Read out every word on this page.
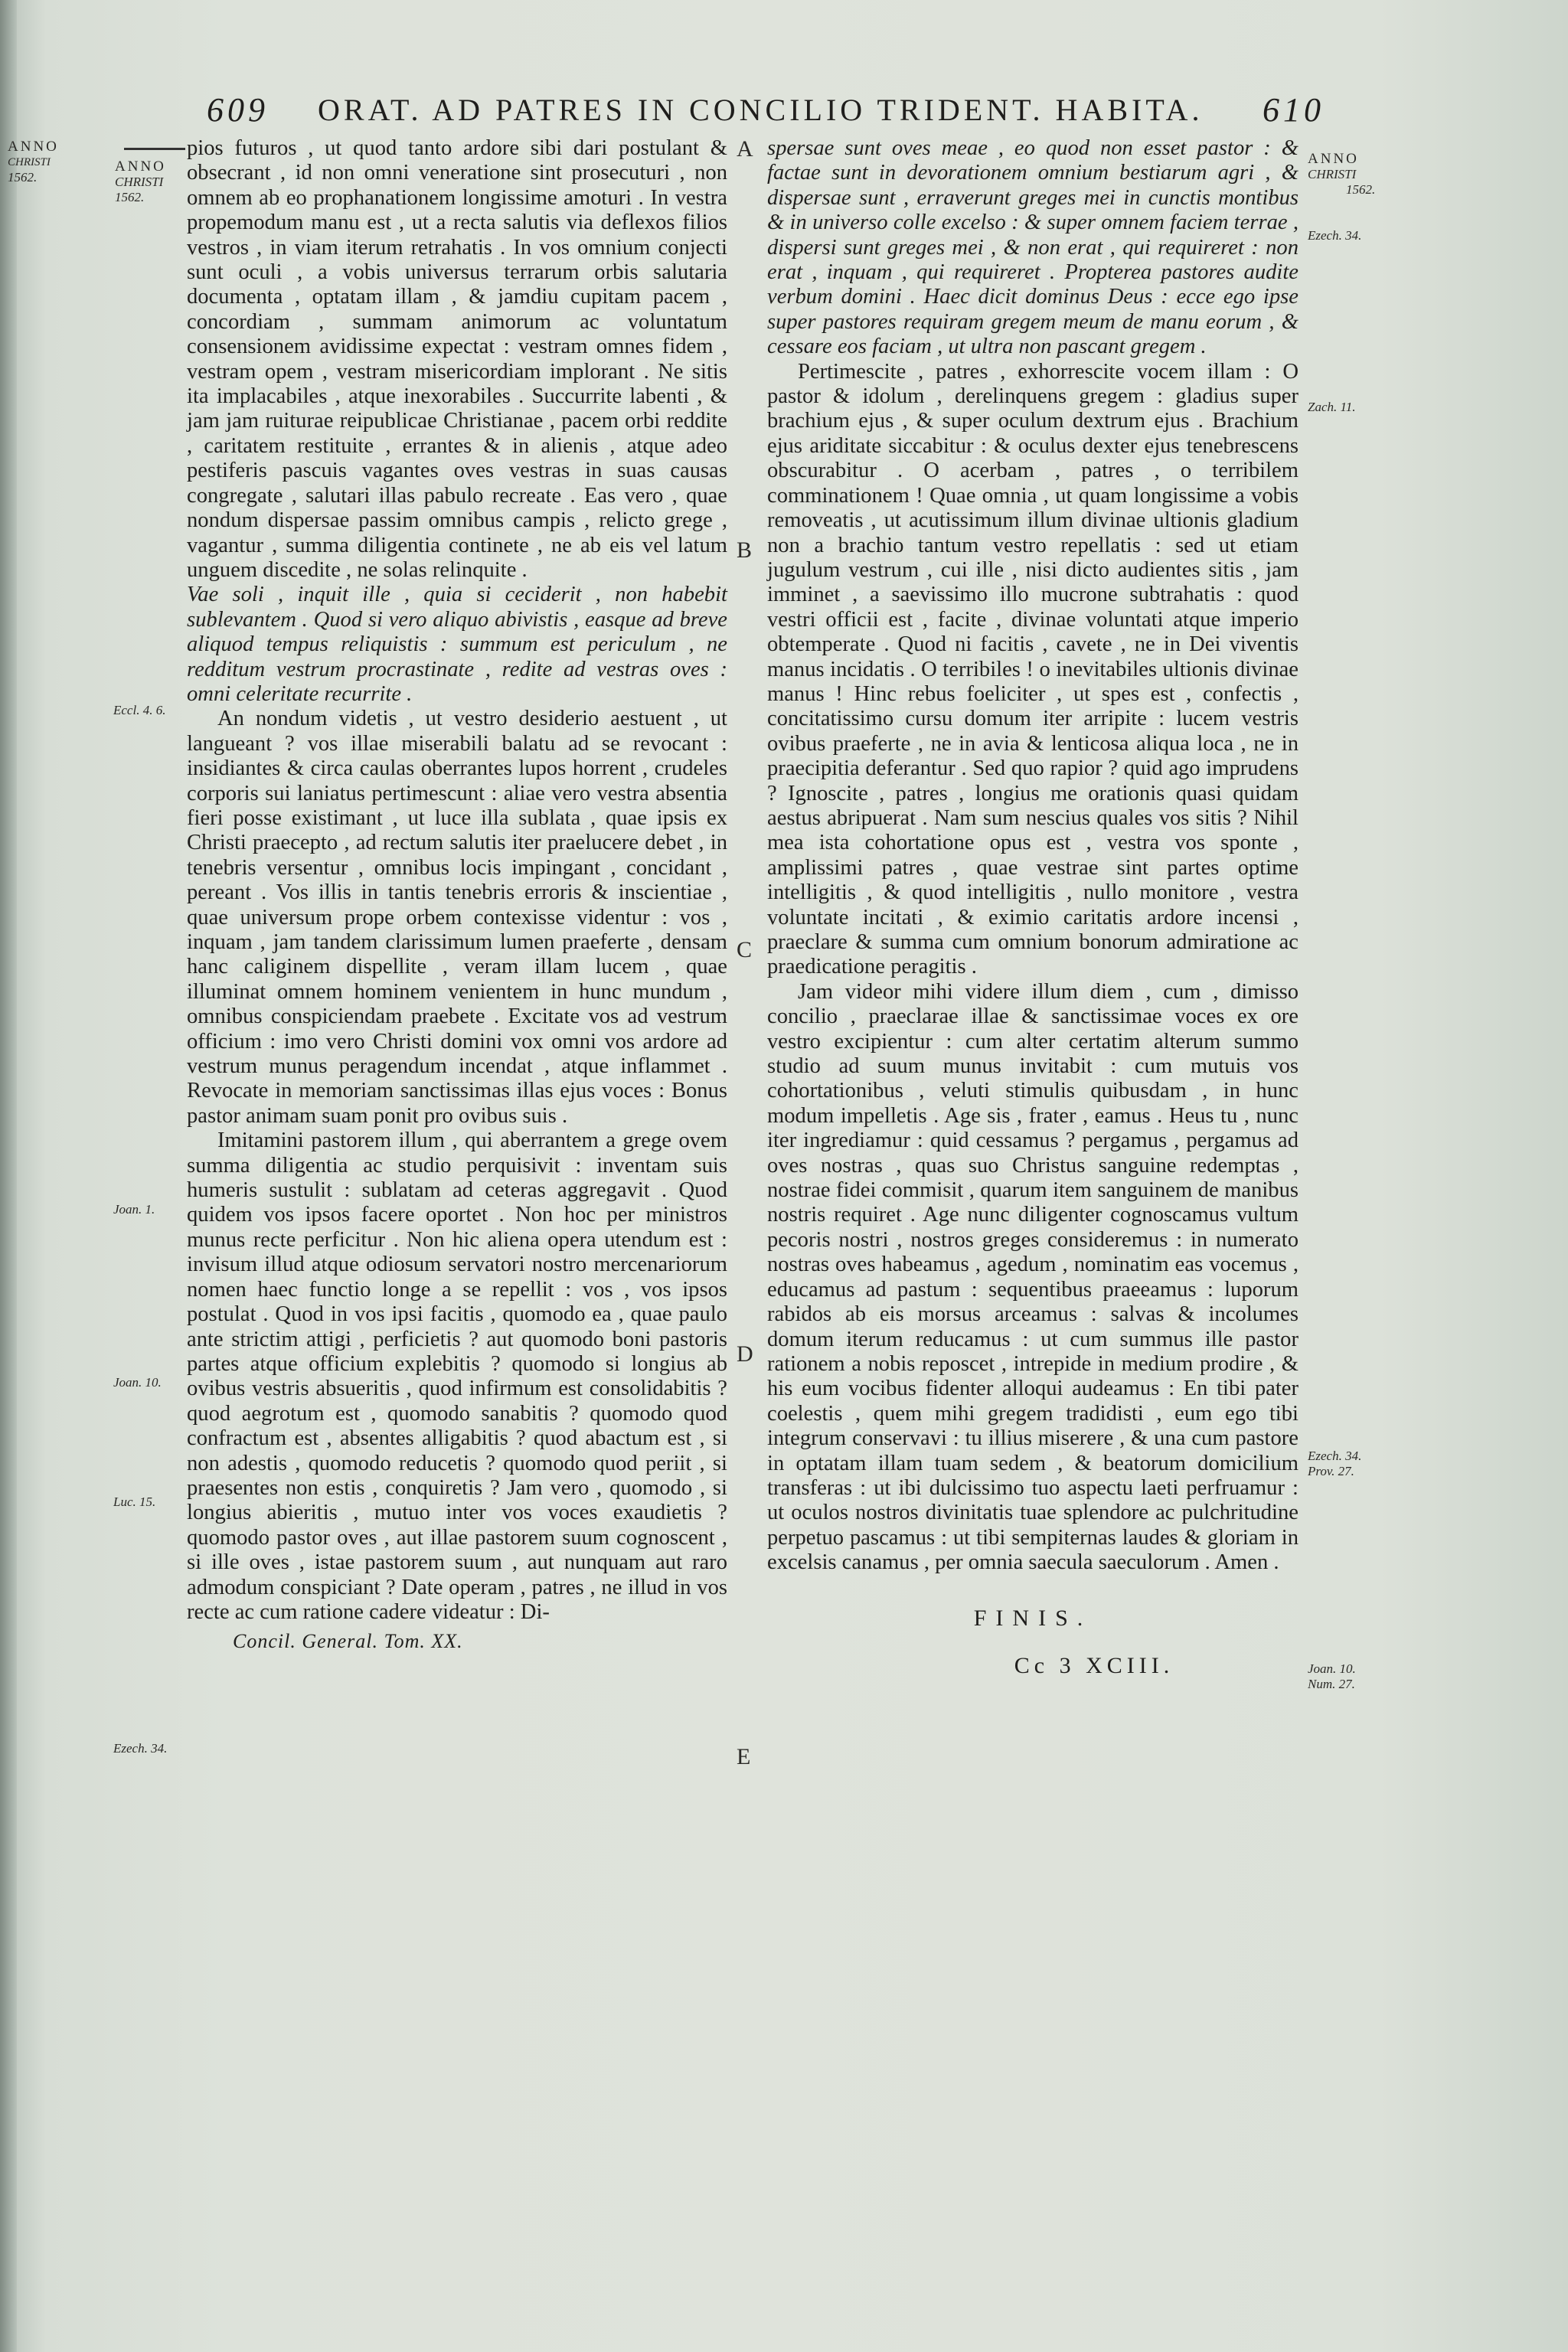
ANNO
CHRISTI
1562.
609 ORAT. AD PATRES IN CONCILIO TRIDENT. HABITA. 610
ANNO
CHRISTI
1562.
Eccl. 4. 6.
Joan. 1.
Joan. 10.
Luc. 15.
Ezech. 34.
A
B
C
D
E
ANNO
CHRISTI
1562.
Ezech. 34.
Zach. 11.
Ezech. 34. Prov. 27.
Joan. 10. Num. 27.

pios futuros , ut quod tanto ardore sibi dari postulant & obsecrant , id non omni veneratione sint prosecuturi , non omnem ab eo prophanationem longissime amoturi . In vestra propemodum manu est , ut a recta salutis via deflexos filios vestros , in viam iterum retrahatis . In vos omnium conjecti sunt oculi , a vobis universus terrarum orbis salutaria documenta , optatam illam , & jamdiu cupitam pacem , concordiam , summam animorum ac voluntatum consensionem avidissime expectat : vestram omnes fidem , vestram opem , vestram misericordiam implorant . Ne sitis ita implacabiles , atque inexorabiles . Succurrite labenti , & jam jam ruiturae reipublicae Christianae , pacem orbi reddite , caritatem restituite , errantes & in alienis , atque adeo pestiferis pascuis vagantes oves vestras in suas causas congregate , salutari illas pabulo recreate . Eas vero , quae nondum dispersae passim omnibus campis , relicto grege , vagantur , summa diligentia continete , ne ab eis vel latum unguem discedite , ne solas relinquite .

Vae soli , inquit ille , quia si ceciderit , non habebit sublevantem . Quod si vero aliquo abivistis , easque ad breve aliquod tempus reliquistis : summum est periculum , ne redditum vestrum procrastinate , redite ad vestras oves : omni celeritate recurrite .

An nondum videtis , ut vestro desiderio aestuent , ut langueant ? vos illae miserabili balatu ad se revocant : insidiantes & circa caulas oberrantes lupos horrent , crudeles corporis sui laniatus pertimescunt : aliae vero vestra absentia fieri posse existimant , ut luce illa sublata , quae ipsis ex Christi praecepto , ad rectum salutis iter praelucere debet , in tenebris versentur , omnibus locis impingant , concidant , pereant . Vos illis in tantis tenebris erroris & inscientiae , quae universum prope orbem contexisse videntur : vos , inquam , jam tandem clarissimum lumen praeferte , densam hanc caliginem dispellite , veram illam lucem , quae illuminat omnem hominem venientem in hunc mundum , omnibus conspiciendam praebete . Excitate vos ad vestrum officium : imo vero Christi domini vox omni vos ardore ad vestrum munus peragendum incendat , atque inflammet . Revocate in memoriam sanctissimas illas ejus voces : Bonus pastor animam suam ponit pro ovibus suis .

Imitamini pastorem illum , qui aberrantem a grege ovem summa diligentia ac studio perquisivit : inventam suis humeris sustulit : sublatam ad ceteras aggregavit . Quod quidem vos ipsos facere oportet . Non hoc per ministros munus recte perficitur . Non hic aliena opera utendum est : invisum illud atque odiosum servatori nostro mercenariorum nomen haec functio longe a se repellit : vos , vos ipsos postulat . Quod in vos ipsi facitis , quomodo ea , quae paulo ante strictim attigi , perficietis ? aut quomodo boni pastoris partes atque officium explebitis ? quomodo si longius ab ovibus vestris absueritis , quod infirmum est consolidabitis ? quod aegrotum est , quomodo sanabitis ? quomodo quod confractum est , absentes alligabitis ? quod abactum est , si non adestis , quomodo reducetis ? quomodo quod periit , si praesentes non estis , conquiretis ? Jam vero , quomodo , si longius abieritis , mutuo inter vos voces exaudietis ? quomodo pastor oves , aut illae pastorem suum cognoscent , si ille oves , istae pastorem suum , aut nunquam aut raro admodum conspiciant ? Date operam , patres , ne illud in vos recte ac cum ratione cadere videatur : Di-

Concil. General. Tom. XX.

spersae sunt oves meae , eo quod non esset pastor : & factae sunt in devorationem omnium bestiarum agri , & dispersae sunt , erraverunt greges mei in cunctis montibus & in universo colle excelso : & super omnem faciem terrae , dispersi sunt greges mei , & non erat , qui requireret : non erat , inquam , qui requireret . Propterea pastores audite verbum domini . Haec dicit dominus Deus : ecce ego ipse super pastores requiram gregem meum de manu eorum , & cessare eos faciam , ut ultra non pascant gregem .

Pertimescite , patres , exhorrescite vocem illam : O pastor & idolum , derelinquens gregem : gladius super brachium ejus , & super oculum dextrum ejus . Brachium ejus ariditate siccabitur : & oculus dexter ejus tenebrescens obscurabitur . O acerbam , patres , o terribilem comminationem ! Quae omnia , ut quam longissime a vobis removeatis , ut acutissimum illum divinae ultionis gladium non a brachio tantum vestro repellatis : sed ut etiam jugulum vestrum , cui ille , nisi dicto audientes sitis , jam imminet , a saevissimo illo mucrone subtrahatis : quod vestri officii est , facite , divinae voluntati atque imperio obtemperate . Quod ni facitis , cavete , ne in Dei viventis manus incidatis . O terribiles ! o inevitabiles ultionis divinae manus ! Hinc rebus foeliciter , ut spes est , confectis , concitatissimo cursu domum iter arripite : lucem vestris ovibus praeferte , ne in avia & lenticosa aliqua loca , ne in praecipitia deferantur . Sed quo rapior ? quid ago imprudens ? Ignoscite , patres , longius me orationis quasi quidam aestus abripuerat . Nam sum nescius quales vos sitis ? Nihil mea ista cohortatione opus est , vestra vos sponte , amplissimi patres , quae vestrae sint partes optime intelligitis , & quod intelligitis , nullo monitore , vestra voluntate incitati , & eximio caritatis ardore incensi , praeclare & summa cum omnium bonorum admiratione ac praedicatione peragitis .

Jam videor mihi videre illum diem , cum , dimisso concilio , praeclarae illae & sanctissimae voces ex ore vestro excipientur : cum alter certatim alterum summo studio ad suum munus invitabit : cum mutuis vos cohortationibus , veluti stimulis quibusdam , in hunc modum impelletis . Age sis , frater , eamus . Heus tu , nunc iter ingrediamur : quid cessamus ? pergamus , pergamus ad oves nostras , quas suo Christus sanguine redemptas , nostrae fidei commisit , quarum item sanguinem de manibus nostris requiret . Age nunc diligenter cognoscamus vultum pecoris nostri , nostros greges consideremus : in numerato nostras oves habeamus , agedum , nominatim eas vocemus , educamus ad pastum : sequentibus praeeamus : luporum rabidos ab eis morsus arceamus : salvas & incolumes domum iterum reducamus : ut cum summus ille pastor rationem a nobis reposcet , intrepide in medium prodire , & his eum vocibus fidenter alloqui audeamus : En tibi pater coelestis , quem mihi gregem tradidisti , eum ego tibi integrum conservavi : tu illius miserere , & una cum pastore in optatam illam tuam sedem , & beatorum domicilium transferas : ut ibi dulcissimo tuo aspectu laeti perfruamur : ut oculos nostros divinitatis tuae splendore ac pulchritudine perpetuo pascamus : ut tibi sempiternas laudes & gloriam in excelsis canamus , per omnia saecula saeculorum . Amen .

FINIS.
Cc 3 XCIII.
